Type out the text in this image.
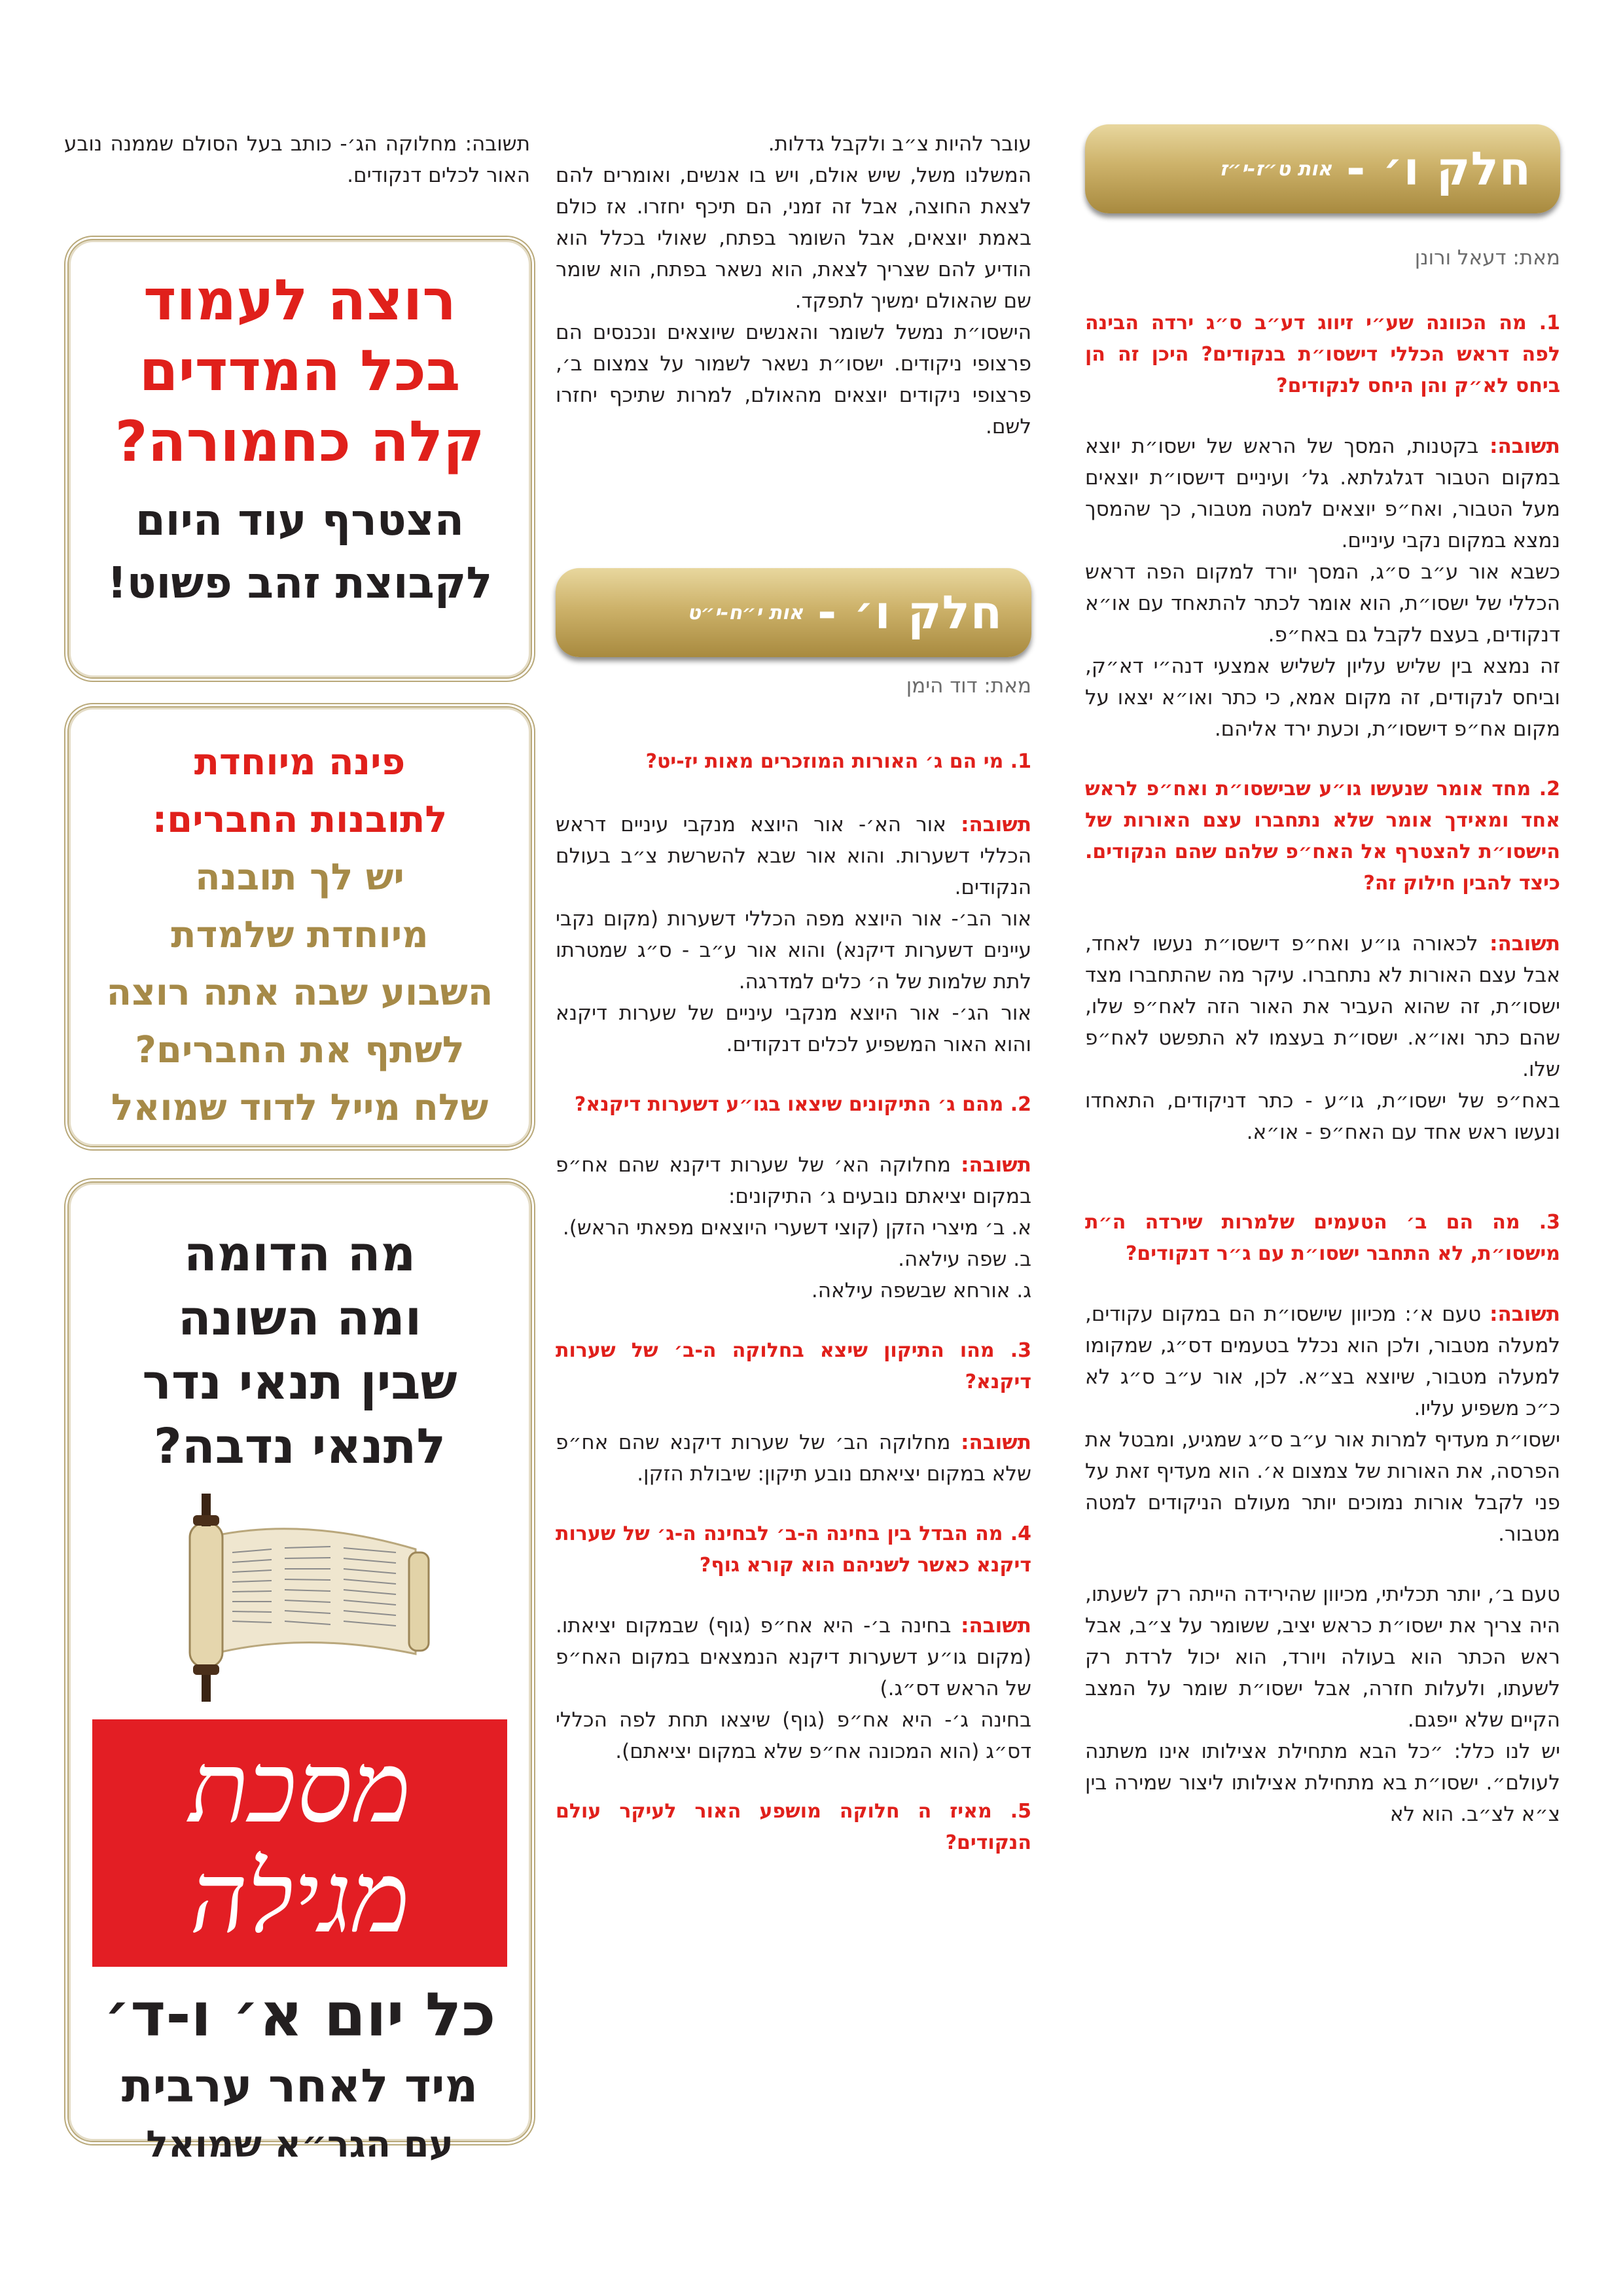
חלק ו׳ -
אות ט״ז-י״ז
מאת: דעאל ורונן
1. מה הכוונה שע״י זיווג דע״ב ס״ג ירדה הבינה לפה דראש הכללי דישסו״ת בנקודים? היכן זה הן ביחס לא״ק והן היחס לנקודים?
תשובה: בקטנות, המסך של הראש של ישסו״ת יוצא במקום הטבור דגלגלתא. גל׳ ועיניים דישסו״ת יוצאים מעל הטבור, ואח״פ יוצאים למטה מטבור, כך שהמסך נמצא במקום נקבי עיניים.
כשבא אור ע״ב ס״ג, המסך יורד למקום הפה דראש הכללי של ישסו״ת, הוא אומר לכתר להתאחד עם או״א דנקודים, בעצם לקבל גם באח״פ.
זה נמצא בין שליש עליון לשליש אמצעי דנה״י דא״ק, וביחס לנקודים, זה מקום אמא, כי כתר ואו״א יצאו על מקום אח״פ דישסו״ת, וכעת ירד אליהם.
2. מחד אומר שנעשו גו״ע שבישסו״ת ואח״פ לראש אחד ומאידך אומר שלא נתחברו עצם האורות של הישסו״ת להצטרף אל האח״פ שלהם שהם הנקודים. כיצד להבין חילוק זה?
תשובה: לכאורה גו״ע ואח״פ דישסו״ת נעשו לאחד, אבל עצם האורות לא נתחברו. עיקר מה שהתחברו מצד ישסו״ת, זה שהוא העביר את האור הזה לאח״פ שלו, שהם כתר ואו״א. ישסו״ת בעצמו לא התפשט לאח״פ שלו.
באח״פ של ישסו״ת, גו״ע - כתר דניקודים, התאחדו ונעשו ראש אחד עם האח״פ - או״א.
3. מה הם ב׳ הטעמים שלמרות שירדה ה״ת מישסו״ת, לא התחבר ישסו״ת עם ג״ר דנקודים?
תשובה: טעם א׳: מכיוון שישסו״ת הם במקום עקודים, למעלה מטבור, ולכן הוא נכלל בטעמים דס״ג, שמקומו למעלה מטבור, שיוצא בצ״א. לכן, אור ע״ב ס״ג לא כ״כ משפיע עליו.
ישסו״ת מעדיף למרות אור ע״ב ס״ג שמגיע, ומבטל את הפרסה, את האורות של צמצום א׳. הוא מעדיף זאת על פני לקבל אורות נמוכים יותר מעולם הניקודים למטה מטבור.
טעם ב׳, יותר תכליתי, מכיוון שהירידה הייתה רק לשעתו, היה צריך את ישסו״ת כראש יציב, ששומר על צ״ב, אבל ראש הכתר הוא בעולה ויורד, הוא יכול לרדת רק לשעתו, ולעלות חזרה, אבל ישסו״ת שומר על המצב הקיים שלא ייפגם.
יש לנו כלל: ״כל הבא מתחילת אצילותו אינו משתנה לעולם״. ישסו״ת בא מתחילת אצילותו ליצור שמירה בין צ״א לצ״ב. הוא לא
עובר להיות צ״ב ולקבל גדלות.
המשלנו משל, שיש אולם, ויש בו אנשים, ואומרים להם לצאת החוצה, אבל זה זמני, הם תיכף יחזרו. אז כולם באמת יוצאים, אבל השומר בפתח, שאולי בכלל הוא הודיע להם שצריך לצאת, הוא נשאר בפתח, הוא שומר שם שהאולם ימשיך לתפקד.
הישסו״ת נמשל לשומר והאנשים שיוצאים ונכנסים הם פרצופי ניקודים. ישסו״ת נשאר לשמור על צמצום ב׳, פרצופי ניקודים יוצאים מהאולם, למרות שתיכף יחזרו לשם.
חלק ו׳ -
אות י״ח-י״ט
מאת: דוד הימן
1. מי הם ג׳ האורות המוזכרים מאות יז-יט?
תשובה: אור הא׳- אור היוצא מנקבי עיניים דראש הכללי דשערות. והוא אור שבא להשרשת צ״ב בעולם הנקודים.
אור הב׳- אור היוצא מפה הכללי דשערות (מקום נקבי עיינים דשערות דיקנא) והוא אור ע״ב - ס״ג שמטרתו לתת שלמות של ה׳ כלים למדרגה.
אור הג׳- אור היוצא מנקבי עיניים של שערות דיקנא והוא האור המשפיע לכלים דנקודים.
2. מהם ג׳ התיקונים שיצאו בגו״ע דשערות דיקנא?
תשובה: מחלוקה הא׳ של שערות דיקנא שהם אח״פ במקום יציאתם נובעים ג׳ התיקונים:
א. ב׳ מיצרי הזקן (קוצי דשערי היוצאים מפאתי הראש).
ב. שפה עילאה.
ג. אורחא שבשפה עילאה.
3. מהו התיקון שיצא בחלוקה ה-ב׳ של שערות דיקנא?
תשובה: מחלוקה הב׳ של שערות דיקנא שהם אח״פ שלא במקום יציאתם נובע תיקון: שיבולת הזקן.
4. מה הבדל בין בחינה ה-ב׳ לבחינה ה-ג׳ של שערות דיקנא כאשר לשניהם הוא קורא גוף?
תשובה: בחינה ב׳- היא אח״פ (גוף) שבמקום יציאתו. (מקום גו״ע דשערות דיקנא הנמצאים במקום האח״פ של הראש דס״ג.)
בחינה ג׳- היא אח״פ (גוף) שיצאו תחת לפה הכללי דס״ג (הוא המכונה אח״פ שלא במקום יציאתם).
5. מאיז ה חלוקה מושפע האור לעיקר עולם הנקודים?
תשובה: מחלוקה הג׳- כותב בעל הסולם שממנה נובע האור לכלים דנקודים.
רוצה לעמוד
בכל המדדים
קלה כחמורה?
הצטרף עוד היום
לקבוצת זהב פשוט!
פינה מיוחדת
לתובנות החברים:
יש לך תובנה
מיוחדת שלמדת
השבוע שבה אתה רוצה
לשתף את החברים?
שלח מייל לדוד שמואל
מה הדומה
ומה השונה
שבין תנאי נדר
לתנאי נדבה?
מסכת
מגילה
כל יום א׳ ו-ד׳
מיד לאחר ערבית
עם הגר״א שמואל
